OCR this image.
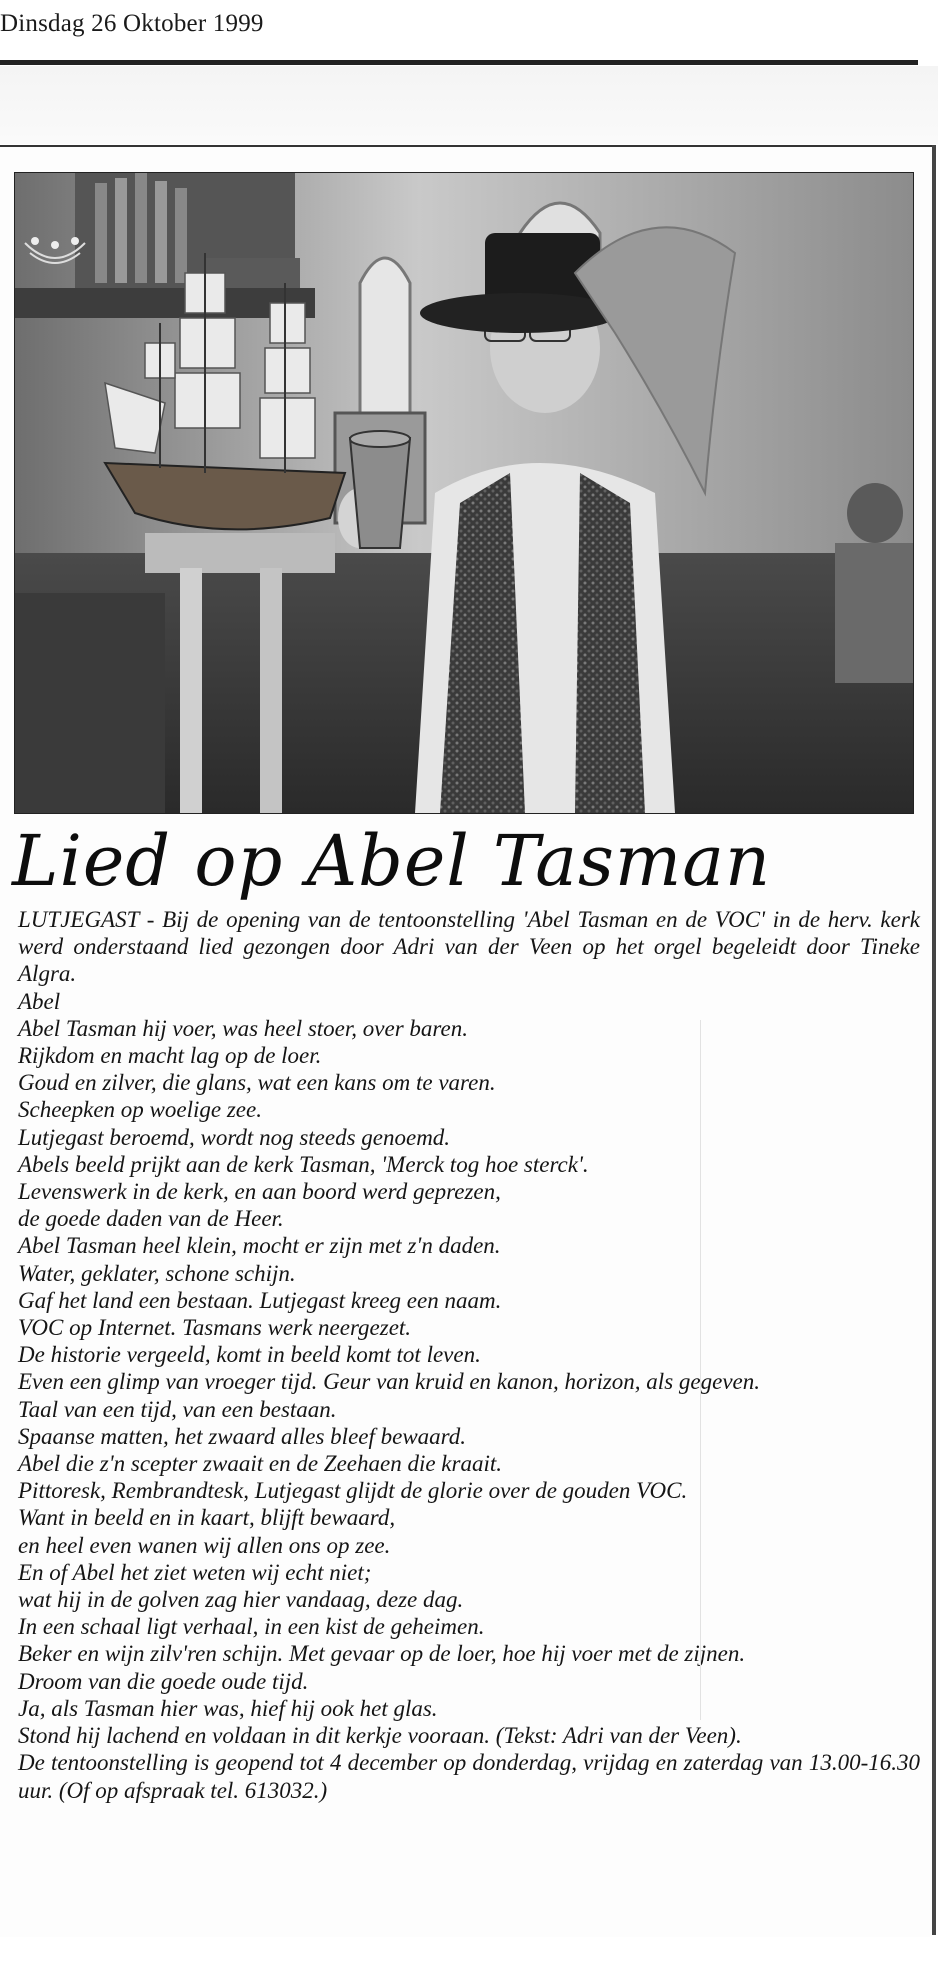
Dinsdag 26 Oktober 1999
Lied op Abel Tasman

LUTJEGAST - Bij de opening van de tentoonstelling 'Abel Tasman en de VOC' in de herv. kerk werd onderstaand lied gezongen door Adri van der Veen op het orgel begeleidt door Tineke Algra.

Abel
Abel Tasman hij voer, was heel stoer, over baren.
Rijkdom en macht lag op de loer.
Goud en zilver, die glans, wat een kans om te varen.
Scheepken op woelige zee.
Lutjegast beroemd, wordt nog steeds genoemd.
Abels beeld prijkt aan de kerk Tasman, 'Merck tog hoe sterck'.
Levenswerk in de kerk, en aan boord werd geprezen,
de goede daden van de Heer.
Abel Tasman heel klein, mocht er zijn met z'n daden.
Water, geklater, schone schijn.
Gaf het land een bestaan. Lutjegast kreeg een naam.
VOC op Internet. Tasmans werk neergezet.
De historie vergeeld, komt in beeld komt tot leven.
Even een glimp van vroeger tijd. Geur van kruid en kanon, horizon, als gegeven.
Taal van een tijd, van een bestaan.
Spaanse matten, het zwaard alles bleef bewaard.
Abel die z'n scepter zwaait en de Zeehaen die kraait.
Pittoresk, Rembrandtesk, Lutjegast glijdt de glorie over de gouden VOC.
Want in beeld en in kaart, blijft bewaard,
en heel even wanen wij allen ons op zee.
En of Abel het ziet weten wij echt niet;
wat hij in de golven zag hier vandaag, deze dag.
In een schaal ligt verhaal, in een kist de geheimen.
Beker en wijn zilv'ren schijn. Met gevaar op de loer, hoe hij voer met de zijnen.
Droom van die goede oude tijd.
Ja, als Tasman hier was, hief hij ook het glas.
Stond hij lachend en voldaan in dit kerkje vooraan. (Tekst: Adri van der Veen).
De tentoonstelling is geopend tot 4 december op donderdag, vrijdag en zaterdag van 13.00-16.30 uur. (Of op afspraak tel. 613032.)
